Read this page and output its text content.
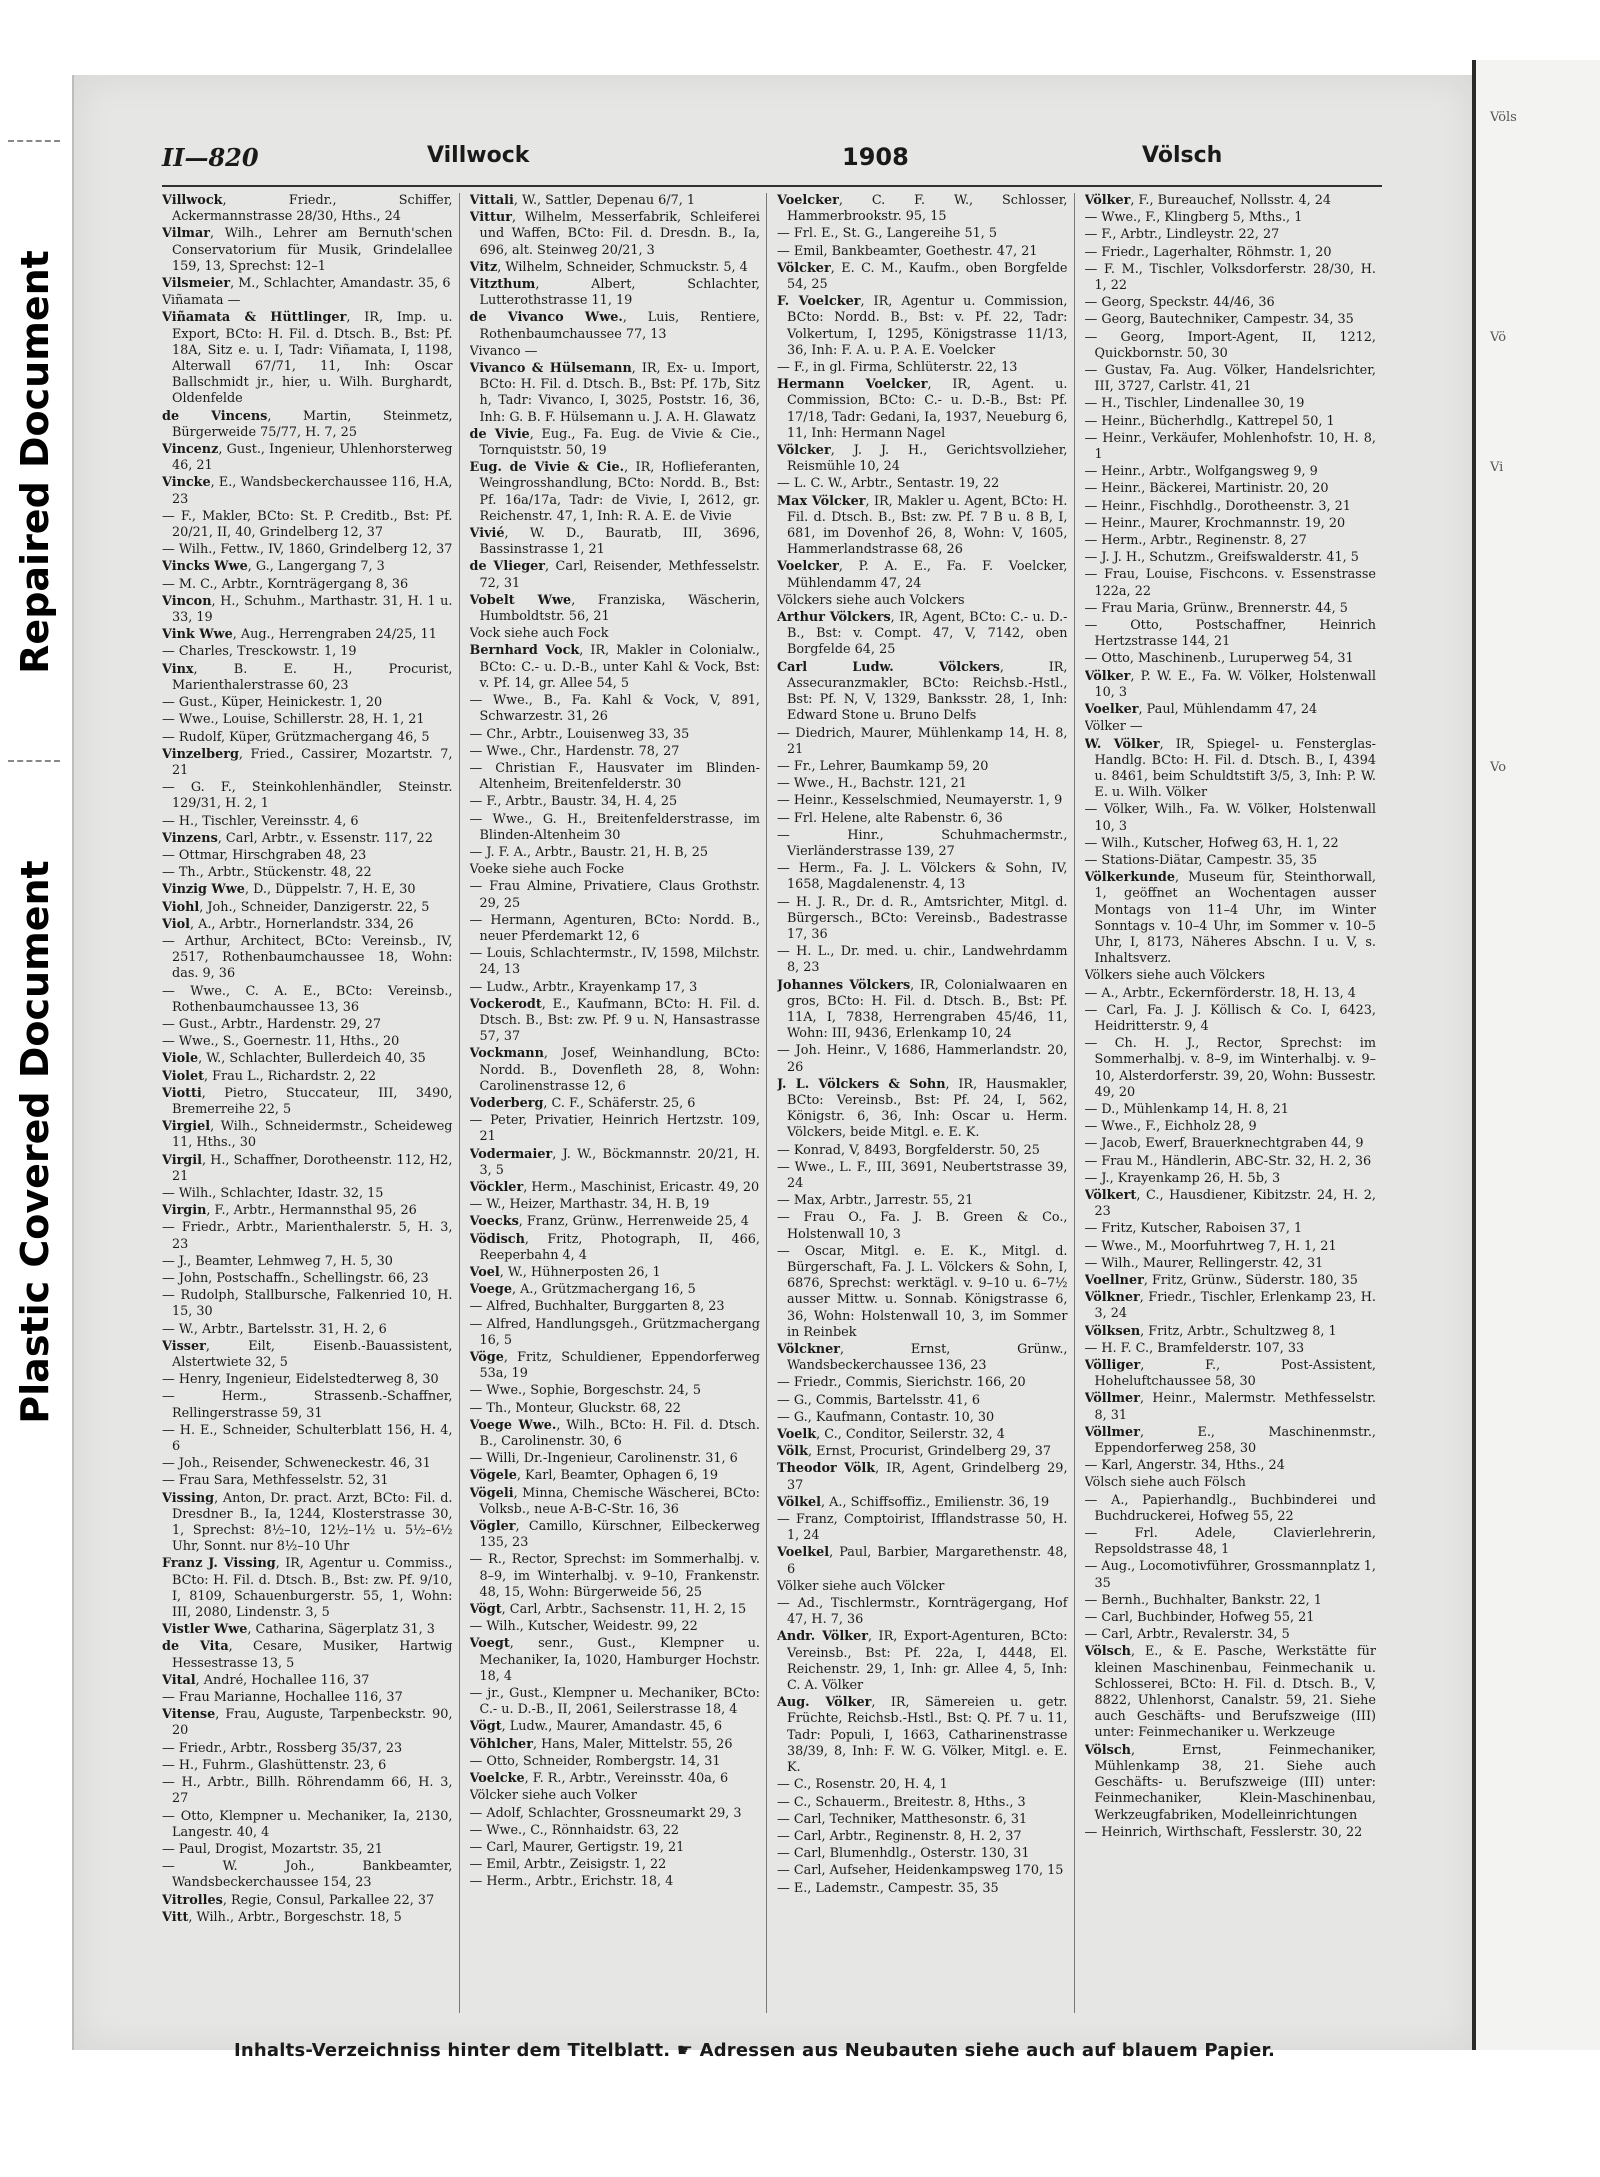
Repaired Document
Plastic Covered Document
II—820	Villwock	1908	Völsch

Villwock, Friedr., Schiffer, Ackermannstrasse 28/30, Hths., 24

Vilmar, Wilh., Lehrer am Bernuth'schen Conservatorium für Musik, Grindelallee 159, 13, Sprechst: 12–1

Vilsmeier, M., Schlachter, Amandastr. 35, 6

Viñamata —

Viñamata & Hüttlinger, IR, Imp. u. Export, BCto: H. Fil. d. Dtsch. B., Bst: Pf. 18A, Sitz e. u. I, Tadr: Viñamata, I, 1198, Alterwall 67/71, 11, Inh: Oscar Ballschmidt jr., hier, u. Wilh. Burghardt, Oldenfelde

de Vincens, Martin, Steinmetz, Bürgerweide 75/77, H. 7, 25

Vincenz, Gust., Ingenieur, Uhlenhorsterweg 46, 21

Vincke, E., Wandsbeckerchaussee 116, H.A, 23

— F., Makler, BCto: St. P. Creditb., Bst: Pf. 20/21, II, 40, Grindelberg 12, 37

— Wilh., Fettw., IV, 1860, Grindelberg 12, 37

Vincks Wwe, G., Langergang 7, 3

— M. C., Arbtr., Kornträgergang 8, 36

Vincon, H., Schuhm., Marthastr. 31, H. 1 u. 33, 19

Vink Wwe, Aug., Herrengraben 24/25, 11

— Charles, Tresckowstr. 1, 19

Vinx, B. E. H., Procurist, Marienthalerstrasse 60, 23

— Gust., Küper, Heinickestr. 1, 20

— Wwe., Louise, Schillerstr. 28, H. 1, 21

— Rudolf, Küper, Grützmachergang 46, 5

Vinzelberg, Fried., Cassirer, Mozartstr. 7, 21

— G. F., Steinkohlenhändler, Steinstr. 129/31, H. 2, 1

— H., Tischler, Vereinsstr. 4, 6

Vinzens, Carl, Arbtr., v. Essenstr. 117, 22

— Ottmar, Hirschgraben 48, 23

— Th., Arbtr., Stückenstr. 48, 22

Vinzig Wwe, D., Düppelstr. 7, H. E, 30

Viohl, Joh., Schneider, Danzigerstr. 22, 5

Viol, A., Arbtr., Hornerlandstr. 334, 26

— Arthur, Architect, BCto: Vereinsb., IV, 2517, Rothenbaumchaussee 18, Wohn: das. 9, 36

— Wwe., C. A. E., BCto: Vereinsb., Rothenbaumchaussee 13, 36

— Gust., Arbtr., Hardenstr. 29, 27

— Wwe., S., Goernestr. 11, Hths., 20

Viole, W., Schlachter, Bullerdeich 40, 35

Violet, Frau L., Richardstr. 2, 22

Viotti, Pietro, Stuccateur, III, 3490, Bremerreihe 22, 5

Virgiel, Wilh., Schneidermstr., Scheideweg 11, Hths., 30

Virgil, H., Schaffner, Dorotheenstr. 112, H2, 21

— Wilh., Schlachter, Idastr. 32, 15

Virgin, F., Arbtr., Hermannsthal 95, 26

— Friedr., Arbtr., Marienthalerstr. 5, H. 3, 23

— J., Beamter, Lehmweg 7, H. 5, 30

— John, Postschaffn., Schellingstr. 66, 23

— Rudolph, Stallbursche, Falkenried 10, H. 15, 30

— W., Arbtr., Bartelsstr. 31, H. 2, 6

Visser, Eilt, Eisenb.-Bauassistent, Alstertwiete 32, 5

— Henry, Ingenieur, Eidelstedterweg 8, 30

— Herm., Strassenb.-Schaffner, Rellingerstrasse 59, 31

— H. E., Schneider, Schulterblatt 156, H. 4, 6

— Joh., Reisender, Schweneckestr. 46, 31

— Frau Sara, Methfesselstr. 52, 31

Vissing, Anton, Dr. pract. Arzt, BCto: Fil. d. Dresdner B., Ia, 1244, Klosterstrasse 30, 1, Sprechst: 8½–10, 12½–1½ u. 5½–6½ Uhr, Sonnt. nur 8½–10 Uhr

Franz J. Vissing, IR, Agentur u. Commiss., BCto: H. Fil. d. Dtsch. B., Bst: zw. Pf. 9/10, I, 8109, Schauenburgerstr. 55, 1, Wohn: III, 2080, Lindenstr. 3, 5

Vistler Wwe, Catharina, Sägerplatz 31, 3

de Vita, Cesare, Musiker, Hartwig Hessestrasse 13, 5

Vital, André, Hochallee 116, 37

— Frau Marianne, Hochallee 116, 37

Vitense, Frau, Auguste, Tarpenbeckstr. 90, 20

— Friedr., Arbtr., Rossberg 35/37, 23

— H., Fuhrm., Glashüttenstr. 23, 6

— H., Arbtr., Billh. Röhrendamm 66, H. 3, 27

— Otto, Klempner u. Mechaniker, Ia, 2130, Langestr. 40, 4

— Paul, Drogist, Mozartstr. 35, 21

— W. Joh., Bankbeamter, Wandsbeckerchaussee 154, 23

Vitrolles, Regie, Consul, Parkallee 22, 37

Vitt, Wilh., Arbtr., Borgeschstr. 18, 5

Vittali, W., Sattler, Depenau 6/7, 1

Vittur, Wilhelm, Messerfabrik, Schleiferei und Waffen, BCto: Fil. d. Dresdn. B., Ia, 696, alt. Steinweg 20/21, 3

Vitz, Wilhelm, Schneider, Schmuckstr. 5, 4

Vitzthum, Albert, Schlachter, Lutterothstrasse 11, 19

de Vivanco Wwe., Luis, Rentiere, Rothenbaumchaussee 77, 13

Vivanco —

Vivanco & Hülsemann, IR, Ex- u. Import, BCto: H. Fil. d. Dtsch. B., Bst: Pf. 17b, Sitz h, Tadr: Vivanco, I, 3025, Poststr. 16, 36, Inh: G. B. F. Hülsemann u. J. A. H. Glawatz

de Vivie, Eug., Fa. Eug. de Vivie & Cie., Tornquiststr. 50, 19

Eug. de Vivie & Cie., IR, Hoflieferanten, Weingrosshandlung, BCto: Nordd. B., Bst: Pf. 16a/17a, Tadr: de Vivie, I, 2612, gr. Reichenstr. 47, 1, Inh: R. A. E. de Vivie

Vivié, W. D., Bauratb, III, 3696, Bassinstrasse 1, 21

de Vlieger, Carl, Reisender, Methfesselstr. 72, 31

Vobelt Wwe, Franziska, Wäscherin, Humboldtstr. 56, 21

Vock siehe auch Fock

Bernhard Vock, IR, Makler in Colonialw., BCto: C.- u. D.-B., unter Kahl & Vock, Bst: v. Pf. 14, gr. Allee 54, 5

— Wwe., B., Fa. Kahl & Vock, V, 891, Schwarzestr. 31, 26

— Chr., Arbtr., Louisenweg 33, 35

— Wwe., Chr., Hardenstr. 78, 27

— Christian F., Hausvater im Blinden-Altenheim, Breitenfelderstr. 30

— F., Arbtr., Baustr. 34, H. 4, 25

— Wwe., G. H., Breitenfelderstrasse, im Blinden-Altenheim 30

— J. F. A., Arbtr., Baustr. 21, H. B, 25

Voeke siehe auch Focke

— Frau Almine, Privatiere, Claus Grothstr. 29, 25

— Hermann, Agenturen, BCto: Nordd. B., neuer Pferdemarkt 12, 6

— Louis, Schlachtermstr., IV, 1598, Milchstr. 24, 13

— Ludw., Arbtr., Krayenkamp 17, 3

Vockerodt, E., Kaufmann, BCto: H. Fil. d. Dtsch. B., Bst: zw. Pf. 9 u. N, Hansastrasse 57, 37

Vockmann, Josef, Weinhandlung, BCto: Nordd. B., Dovenfleth 28, 8, Wohn: Carolinenstrasse 12, 6

Voderberg, C. F., Schäferstr. 25, 6

— Peter, Privatier, Heinrich Hertzstr. 109, 21

Vodermaier, J. W., Böckmannstr. 20/21, H. 3, 5

Vöckler, Herm., Maschinist, Ericastr. 49, 20

— W., Heizer, Marthastr. 34, H. B, 19

Voecks, Franz, Grünw., Herrenweide 25, 4

Vödisch, Fritz, Photograph, II, 466, Reeperbahn 4, 4

Voel, W., Hühnerposten 26, 1

Voege, A., Grützmachergang 16, 5

— Alfred, Buchhalter, Burggarten 8, 23

— Alfred, Handlungsgeh., Grützmachergang 16, 5

Vöge, Fritz, Schuldiener, Eppendorferweg 53a, 19

— Wwe., Sophie, Borgeschstr. 24, 5

— Th., Monteur, Gluckstr. 68, 22

Voege Wwe., Wilh., BCto: H. Fil. d. Dtsch. B., Carolinenstr. 30, 6

— Willi, Dr.-Ingenieur, Carolinenstr. 31, 6

Vögele, Karl, Beamter, Ophagen 6, 19

Vögeli, Minna, Chemische Wäscherei, BCto: Volksb., neue A-B-C-Str. 16, 36

Vögler, Camillo, Kürschner, Eilbeckerweg 135, 23

— R., Rector, Sprechst: im Sommerhalbj. v. 8–9, im Winterhalbj. v. 9–10, Frankenstr. 48, 15, Wohn: Bürgerweide 56, 25

Vögt, Carl, Arbtr., Sachsenstr. 11, H. 2, 15

— Wilh., Kutscher, Weidestr. 99, 22

Voegt, senr., Gust., Klempner u. Mechaniker, Ia, 1020, Hamburger Hochstr. 18, 4

— jr., Gust., Klempner u. Mechaniker, BCto: C.- u. D.-B., II, 2061, Seilerstrasse 18, 4

Vögt, Ludw., Maurer, Amandastr. 45, 6

Vöhlcher, Hans, Maler, Mittelstr. 55, 26

— Otto, Schneider, Rombergstr. 14, 31

Voelcke, F. R., Arbtr., Vereinsstr. 40a, 6

Völcker siehe auch Volker

— Adolf, Schlachter, Grossneumarkt 29, 3

— Wwe., C., Rönnhaidstr. 63, 22

— Carl, Maurer, Gertigstr. 19, 21

— Emil, Arbtr., Zeisigstr. 1, 22

— Herm., Arbtr., Erichstr. 18, 4

Voelcker, C. F. W., Schlosser, Hammerbrookstr. 95, 15

— Frl. E., St. G., Langereihe 51, 5

— Emil, Bankbeamter, Goethestr. 47, 21

Völcker, E. C. M., Kaufm., oben Borgfelde 54, 25

F. Voelcker, IR, Agentur u. Commission, BCto: Nordd. B., Bst: v. Pf. 22, Tadr: Volkertum, I, 1295, Königstrasse 11/13, 36, Inh: F. A. u. P. A. E. Voelcker

— F., in gl. Firma, Schlüterstr. 22, 13

Hermann Voelcker, IR, Agent. u. Commission, BCto: C.- u. D.-B., Bst: Pf. 17/18, Tadr: Gedani, Ia, 1937, Neueburg 6, 11, Inh: Hermann Nagel

Völcker, J. J. H., Gerichtsvollzieher, Reismühle 10, 24

— L. C. W., Arbtr., Sentastr. 19, 22

Max Völcker, IR, Makler u. Agent, BCto: H. Fil. d. Dtsch. B., Bst: zw. Pf. 7 B u. 8 B, I, 681, im Dovenhof 26, 8, Wohn: V, 1605, Hammerlandstrasse 68, 26

Voelcker, P. A. E., Fa. F. Voelcker, Mühlendamm 47, 24

Völckers siehe auch Volckers

Arthur Völckers, IR, Agent, BCto: C.- u. D.-B., Bst: v. Compt. 47, V, 7142, oben Borgfelde 64, 25

Carl Ludw. Völckers, IR, Assecuranzmakler, BCto: Reichsb.-Hstl., Bst: Pf. N, V, 1329, Banksstr. 28, 1, Inh: Edward Stone u. Bruno Delfs

— Diedrich, Maurer, Mühlenkamp 14, H. 8, 21

— Fr., Lehrer, Baumkamp 59, 20

— Wwe., H., Bachstr. 121, 21

— Heinr., Kesselschmied, Neumayerstr. 1, 9

— Frl. Helene, alte Rabenstr. 6, 36

— Hinr., Schuhmachermstr., Vierländerstrasse 139, 27

— Herm., Fa. J. L. Völckers & Sohn, IV, 1658, Magdalenenstr. 4, 13

— H. J. R., Dr. d. R., Amtsrichter, Mitgl. d. Bürgersch., BCto: Vereinsb., Badestrasse 17, 36

— H. L., Dr. med. u. chir., Landwehrdamm 8, 23

Johannes Völckers, IR, Colonialwaaren en gros, BCto: H. Fil. d. Dtsch. B., Bst: Pf. 11A, I, 7838, Herrengraben 45/46, 11, Wohn: III, 9436, Erlenkamp 10, 24

— Joh. Heinr., V, 1686, Hammerlandstr. 20, 26

J. L. Völckers & Sohn, IR, Hausmakler, BCto: Vereinsb., Bst: Pf. 24, I, 562, Königstr. 6, 36, Inh: Oscar u. Herm. Völckers, beide Mitgl. e. E. K.

— Konrad, V, 8493, Borgfelderstr. 50, 25

— Wwe., L. F., III, 3691, Neubertstrasse 39, 24

— Max, Arbtr., Jarrestr. 55, 21

— Frau O., Fa. J. B. Green & Co., Holstenwall 10, 3

— Oscar, Mitgl. e. E. K., Mitgl. d. Bürgerschaft, Fa. J. L. Völckers & Sohn, I, 6876, Sprechst: werktägl. v. 9–10 u. 6–7½ ausser Mittw. u. Sonnab. Königstrasse 6, 36, Wohn: Holstenwall 10, 3, im Sommer in Reinbek

Völckner, Ernst, Grünw., Wandsbeckerchaussee 136, 23

— Friedr., Commis, Sierichstr. 166, 20

— G., Commis, Bartelsstr. 41, 6

— G., Kaufmann, Contastr. 10, 30

Voelk, C., Conditor, Seilerstr. 32, 4

Völk, Ernst, Procurist, Grindelberg 29, 37

Theodor Völk, IR, Agent, Grindelberg 29, 37

Völkel, A., Schiffsoffiz., Emilienstr. 36, 19

— Franz, Comptoirist, Ifflandstrasse 50, H. 1, 24

Voelkel, Paul, Barbier, Margarethenstr. 48, 6

Völker siehe auch Völcker

— Ad., Tischlermstr., Kornträgergang, Hof 47, H. 7, 36

Andr. Völker, IR, Export-Agenturen, BCto: Vereinsb., Bst: Pf. 22a, I, 4448, El. Reichenstr. 29, 1, Inh: gr. Allee 4, 5, Inh: C. A. Völker

Aug. Völker, IR, Sämereien u. getr. Früchte, Reichsb.-Hstl., Bst: Q. Pf. 7 u. 11, Tadr: Populi, I, 1663, Catharinenstrasse 38/39, 8, Inh: F. W. G. Völker, Mitgl. e. E. K.

— C., Rosenstr. 20, H. 4, 1

— C., Schauerm., Breitestr. 8, Hths., 3

— Carl, Techniker, Matthesonstr. 6, 31

— Carl, Arbtr., Reginenstr. 8, H. 2, 37

— Carl, Blumenhdlg., Osterstr. 130, 31

— Carl, Aufseher, Heidenkampsweg 170, 15

— E., Lademstr., Campestr. 35, 35

Völker, F., Bureauchef, Nollsstr. 4, 24

— Wwe., F., Klingberg 5, Mths., 1

— F., Arbtr., Lindleystr. 22, 27

— Friedr., Lagerhalter, Röhmstr. 1, 20

— F. M., Tischler, Volksdorferstr. 28/30, H. 1, 22

— Georg, Speckstr. 44/46, 36

— Georg, Bautechniker, Campestr. 34, 35

— Georg, Import-Agent, II, 1212, Quickbornstr. 50, 30

— Gustav, Fa. Aug. Völker, Handelsrichter, III, 3727, Carlstr. 41, 21

— H., Tischler, Lindenallee 30, 19

— Heinr., Bücherhdlg., Kattrepel 50, 1

— Heinr., Verkäufer, Mohlenhofstr. 10, H. 8, 1

— Heinr., Arbtr., Wolfgangsweg 9, 9

— Heinr., Bäckerei, Martinistr. 20, 20

— Heinr., Fischhdlg., Dorotheenstr. 3, 21

— Heinr., Maurer, Krochmannstr. 19, 20

— Herm., Arbtr., Reginenstr. 8, 27

— J. J. H., Schutzm., Greifswalderstr. 41, 5

— Frau, Louise, Fischcons. v. Essenstrasse 122a, 22

— Frau Maria, Grünw., Brennerstr. 44, 5

— Otto, Postschaffner, Heinrich Hertzstrasse 144, 21

— Otto, Maschinenb., Luruperweg 54, 31

Völker, P. W. E., Fa. W. Völker, Holstenwall 10, 3

Voelker, Paul, Mühlendamm 47, 24

Völker —

W. Völker, IR, Spiegel- u. Fensterglas-Handlg. BCto: H. Fil. d. Dtsch. B., I, 4394 u. 8461, beim Schuldtstift 3/5, 3, Inh: P. W. E. u. Wilh. Völker

— Völker, Wilh., Fa. W. Völker, Holstenwall 10, 3

— Wilh., Kutscher, Hofweg 63, H. 1, 22

— Stations-Diätar, Campestr. 35, 35

Völkerkunde, Museum für, Steinthorwall, 1, geöffnet an Wochentagen ausser Montags von 11–4 Uhr, im Winter Sonntags v. 10–4 Uhr, im Sommer v. 10–5 Uhr, I, 8173, Näheres Abschn. I u. V, s. Inhaltsverz.

Völkers siehe auch Völckers

— A., Arbtr., Eckernförderstr. 18, H. 13, 4

— Carl, Fa. J. J. Köllisch & Co. I, 6423, Heidritterstr. 9, 4

— Ch. H. J., Rector, Sprechst: im Sommerhalbj. v. 8–9, im Winterhalbj. v. 9–10, Alsterdorferstr. 39, 20, Wohn: Bussestr. 49, 20

— D., Mühlenkamp 14, H. 8, 21

— Wwe., F., Eichholz 28, 9

— Jacob, Ewerf, Brauerknechtgraben 44, 9

— Frau M., Händlerin, ABC-Str. 32, H. 2, 36

— J., Krayenkamp 26, H. 5b, 3

Völkert, C., Hausdiener, Kibitzstr. 24, H. 2, 23

— Fritz, Kutscher, Raboisen 37, 1

— Wwe., M., Moorfuhrtweg 7, H. 1, 21

— Wilh., Maurer, Rellingerstr. 42, 31

Voellner, Fritz, Grünw., Süderstr. 180, 35

Völkner, Friedr., Tischler, Erlenkamp 23, H. 3, 24

Völksen, Fritz, Arbtr., Schultzweg 8, 1

— H. F. C., Bramfelderstr. 107, 33

Völliger, F., Post-Assistent, Hoheluftchaussee 58, 30

Völlmer, Heinr., Malermstr. Methfesselstr. 8, 31

Völlmer, E., Maschinenmstr., Eppendorferweg 258, 30

— Karl, Angerstr. 34, Hths., 24

Völsch siehe auch Fölsch

— A., Papierhandlg., Buchbinderei und Buchdruckerei, Hofweg 55, 22

— Frl. Adele, Clavierlehrerin, Repsoldstrasse 48, 1

— Aug., Locomotivführer, Grossmannplatz 1, 35

— Bernh., Buchhalter, Bankstr. 22, 1

— Carl, Buchbinder, Hofweg 55, 21

— Carl, Arbtr., Revalerstr. 34, 5

Völsch, E., & E. Pasche, Werkstätte für kleinen Maschinenbau, Feinmechanik u. Schlosserei, BCto: H. Fil. d. Dtsch. B., V, 8822, Uhlenhorst, Canalstr. 59, 21. Siehe auch Geschäfts- und Berufszweige (III) unter: Feinmechaniker u. Werkzeuge

Völsch, Ernst, Feinmechaniker, Mühlenkamp 38, 21. Siehe auch Geschäfts- u. Berufszweige (III) unter: Feinmechaniker, Klein-Maschinenbau, Werkzeugfabriken, Modelleinrichtungen

— Heinrich, Wirthschaft, Fesslerstr. 30, 22

Inhalts-Verzeichniss hinter dem Titelblatt. ☛ Adressen aus Neubauten siehe auch auf blauem Papier.
Völs
Vö
Vi
Vo
